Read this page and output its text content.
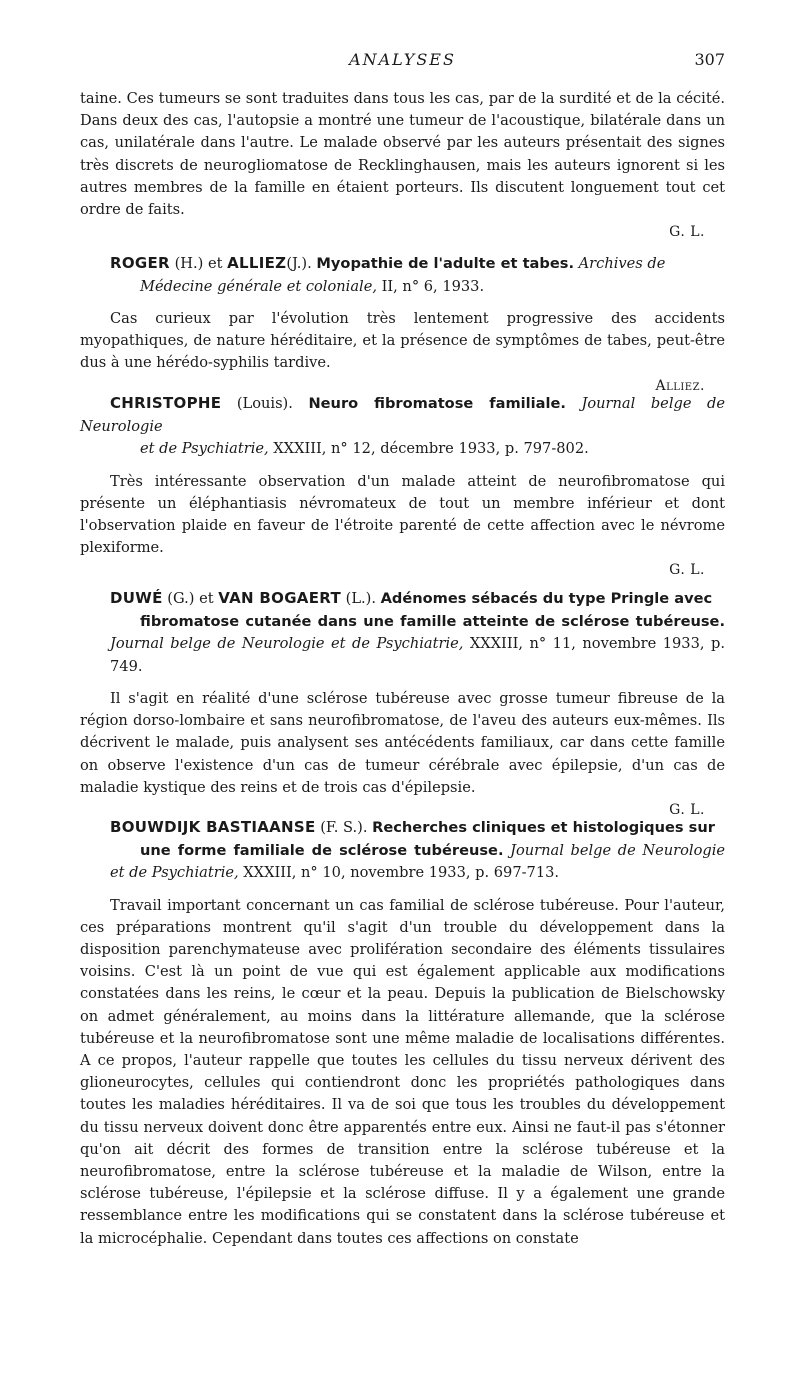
ANALYSES	307

taine. Ces tumeurs se sont traduites dans tous les cas, par de la surdité et de la cécité. Dans deux des cas, l'autopsie a montré une tumeur de l'acoustique, bilatérale dans un cas, unilatérale dans l'autre. Le malade observé par les auteurs présentait des signes très discrets de neurogliomatose de Recklinghausen, mais les auteurs ignorent si les autres membres de la famille en étaient porteurs. Ils discutent longuement tout cet ordre de faits.

G. L.

ROGER (H.) et ALLIEZ(J.). Myopathie de l'adulte et tabes. Archives de
Médecine générale et coloniale, II, n° 6, 1933.

Cas curieux par l'évolution très lentement progressive des accidents myopathiques, de nature héréditaire, et la présence de symptômes de tabes, peut-être dus à une hérédo-syphilis tardive.

Alliez.

CHRISTOPHE (Louis). Neuro fibromatose familiale. Journal belge de Neurologie
et de Psychiatrie, XXXIII, n° 12, décembre 1933, p. 797-802.

Très intéressante observation d'un malade atteint de neurofibromatose qui présente un éléphantiasis névromateux de tout un membre inférieur et dont l'observation plaide en faveur de l'étroite parenté de cette affection avec le névrome plexiforme.

G. L.

DUWÉ (G.) et VAN BOGAERT (L.). Adénomes sébacés du type Pringle avec
fibromatose cutanée dans une famille atteinte de sclérose tubéreuse. Journal belge de Neurologie et de Psychiatrie, XXXIII, n° 11, novembre 1933, p. 749.

Il s'agit en réalité d'une sclérose tubéreuse avec grosse tumeur fibreuse de la région dorso-lombaire et sans neurofibromatose, de l'aveu des auteurs eux-mêmes. Ils décrivent le malade, puis analysent ses antécédents familiaux, car dans cette famille on observe l'existence d'un cas de tumeur cérébrale avec épilepsie, d'un cas de maladie kystique des reins et de trois cas d'épilepsie.

G. L.

BOUWDIJK BASTIAANSE (F. S.). Recherches cliniques et histologiques sur
une forme familiale de sclérose tubéreuse. Journal belge de Neurologie et de Psychiatrie, XXXIII, n° 10, novembre 1933, p. 697-713.

Travail important concernant un cas familial de sclérose tubéreuse. Pour l'auteur, ces préparations montrent qu'il s'agit d'un trouble du développement dans la disposition parenchymateuse avec prolifération secondaire des éléments tissulaires voisins. C'est là un point de vue qui est également applicable aux modifications constatées dans les reins, le cœur et la peau. Depuis la publication de Bielschowsky on admet généralement, au moins dans la littérature allemande, que la sclérose tubéreuse et la neurofibromatose sont une même maladie de localisations différentes. A ce propos, l'auteur rappelle que toutes les cellules du tissu nerveux dérivent des glioneurocytes, cellules qui contiendront donc les propriétés pathologiques dans toutes les maladies héréditaires. Il va de soi que tous les troubles du développement du tissu nerveux doivent donc être apparentés entre eux. Ainsi ne faut-il pas s'étonner qu'on ait décrit des formes de transition entre la sclérose tubéreuse et la neurofibromatose, entre la sclérose tubéreuse et la maladie de Wilson, entre la sclérose tubéreuse, l'épilepsie et la sclérose diffuse. Il y a également une grande ressemblance entre les modifications qui se constatent dans la sclérose tubéreuse et la microcéphalie. Cependant dans toutes ces affections on constate
